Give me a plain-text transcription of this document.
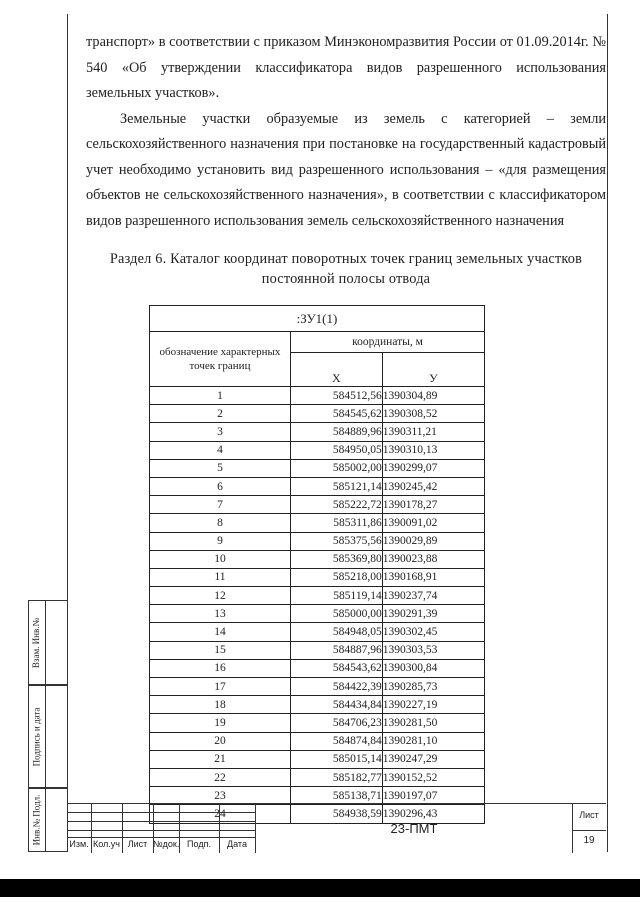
транспорт» в соответствии с приказом Минэкономразвития России от 01.09.2014г. № 540 «Об утверждении классификатора видов разрешенного использования земельных участков».

Земельные участки образуемые из земель с категорией – земли сельскохозяйственного назначения при постановке на государственный кадастровый учет необходимо установить вид разрешенного использования – «для размещения объектов не сельскохозяйственного назначения», в соответствии с классификатором видов разрешенного использования земель сельскохозяйственного назначения

Раздел 6. Каталог координат поворотных точек границ земельных участков постоянной полосы отвода
:ЗУ1(1)		
обозначение характерных точек границ	координаты, м	
	X	У
1	584512,56	1390304,89
2	584545,62	1390308,52
3	584889,96	1390311,21
4	584950,05	1390310,13
5	585002,00	1390299,07
6	585121,14	1390245,42
7	585222,72	1390178,27
8	585311,86	1390091,02
9	585375,56	1390029,89
10	585369,80	1390023,88
11	585218,00	1390168,91
12	585119,14	1390237,74
13	585000,00	1390291,39
14	584948,05	1390302,45
15	584887,96	1390303,53
16	584543,62	1390300,84
17	584422,39	1390285,73
18	584434,84	1390227,19
19	584706,23	1390281,50
20	584874,84	1390281,10
21	585015,14	1390247,29
22	585182,77	1390152,52
23	585138,71	1390197,07
24	584938,59	1390296,43
Взам. Инв.№
Подпись и дата
Инв.№ Подл.	Изм. Кол.уч Лист №док. Подп.	Дата
23-ПМТ
Лист
19
